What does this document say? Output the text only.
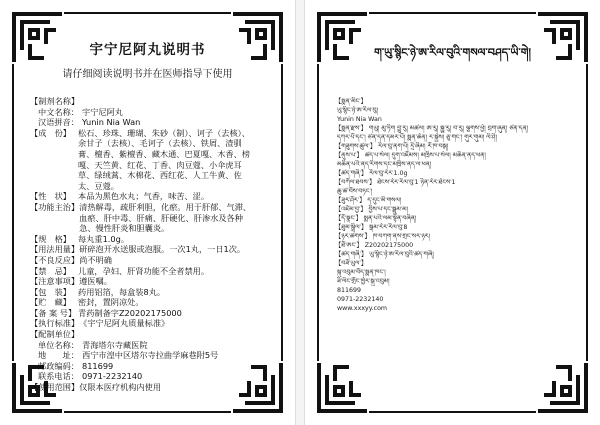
宇宁尼阿丸说明书
请仔细阅读说明书并在医师指导下使用
【制剂名称】
中文名称： 宇宁尼阿丸
汉语拼音： Yunin Nia Wan
【成　份】 松石、珍珠、珊瑚、朱砂（制）、诃子（去核）、余甘子（去核）、毛诃子（去核）、铁屑、渣驯膏、檀香、紫檀香、藏木通、巴夏嘎、木香、榜嘎、天竺黄、红花、丁香、肉豆蔻、小伞虎耳草、绿绒蒿、木棉花、西红花、人工牛黄、佐太、豆蔻。
【性　状】 本品为黑色水丸；气香，味苦、涩。
【功能主治】 清热解毒，疏肝利胆，化瘀。用于肝郁、气滞、血瘀、肝中毒、肝痛、肝硬化、肝渗水及各种急、慢性肝炎和胆囊炎。
【规　格】 每丸重1.0g。
【用法用量】 研碎泡开水送服或泡服。一次1丸，一日1次。
【不良反应】 尚不明确
【禁　忌】 儿童，孕妇、肝肾功能不全者禁用。
【注意事项】 遵医嘱。
【包　装】 药用铝箔，每盒装8丸。
【贮　藏】 密封，置阴凉处。
【备 案 号】 青药制备字Z20202175000
【执行标准】 《宇宁尼阿丸质量标准》
【配制单位】
单位名称： 青海塔尔寺藏医院
地　　址： 西宁市湟中区塔尔寺拉曲学麻巷附5号
邮政编码： 811699
联系电话： 0971-2232140
【使用范围】 仅限本医疗机构内使用
ག་ཡུ་སྙིང་ཉེ་ཨ་རིལ་བུའི་གསལ་བཤད་ཡི་གེ།
【སྨན་མིང་】
ཡུ་སྙིང་ཉེ་ཨ་རིལ་བུ།
Yunin Nia Wan
【སྨན་རྫས་】 གཡུ། མུ་ཏིག བྱུ་རུ། མཚལ། ཨ་རུ། སྐྱུ་རུ། བ་རུ། ལྕགས་ཕྱེ། བྲག་ཞུན། ཙན་དན།
དཀར་པོ་དང་། ཙན་དན་དམར་པོ། སྨན་ཆེན། ར་སྐྱེས། ཅུ་གང་། གུར་གུམ། ལི་ཤི།
【གཟུགས་ཚུལ་】 རིལ་བུ་ནག་པོ། དྲི་ཞིམ། རོ་ཁ་བསྐ།
【ནུས་པ་】 ཚད་པ་སེལ། དུག་འཇོམས། མཁྲིས་པ་སེལ། མཆིན་ནད་ཕན།
མཆིན་པའི་ནད་རིགས་དང་མཁྲིས་ནད་ལ་ཕན།
【ཚད་གཞི་】 རིལ་བུ་རེར་1.0g
【བཀོལ་ཐབས་】 ཐེངས་རེར་རིལ་བུ་1 ཉིན་རེར་ཐེངས་1
ཆུ་ཚ་བོས་བཏང་།
【ཟུར་ཤོར་】 ད་དུང་མི་གསལ།
【འཛེམ་བྱ་】 བྱིས་པ་དང་སྦྲུམ་མ།
【དོ་སྣང་】 སྨན་པའི་ལམ་སྟོན་བཞིན།
【ཐུམ་སྒྲིལ་】 སྒམ་རེར་རིལ་བུ་8
【ཉར་ཚགས་】 ཁ་བཀག་ནས་གྲང་སར་ཉར།
【ཐོ་ཨང་】 Z20202175000
【ཚད་གཞི་】 ཡུ་སྙིང་ཉེ་ཨ་རིལ་བུའི་ཚད་གཞི།
【བཟོ་ཡུལ་】
སྐུ་འབུམ་བོད་སྨན་ཁང་།
ཟི་ལིང་གྲོང་ཁྱེར་སྐུ་འབུམ།
811699
0971-2232140
www.xxxyy.com
